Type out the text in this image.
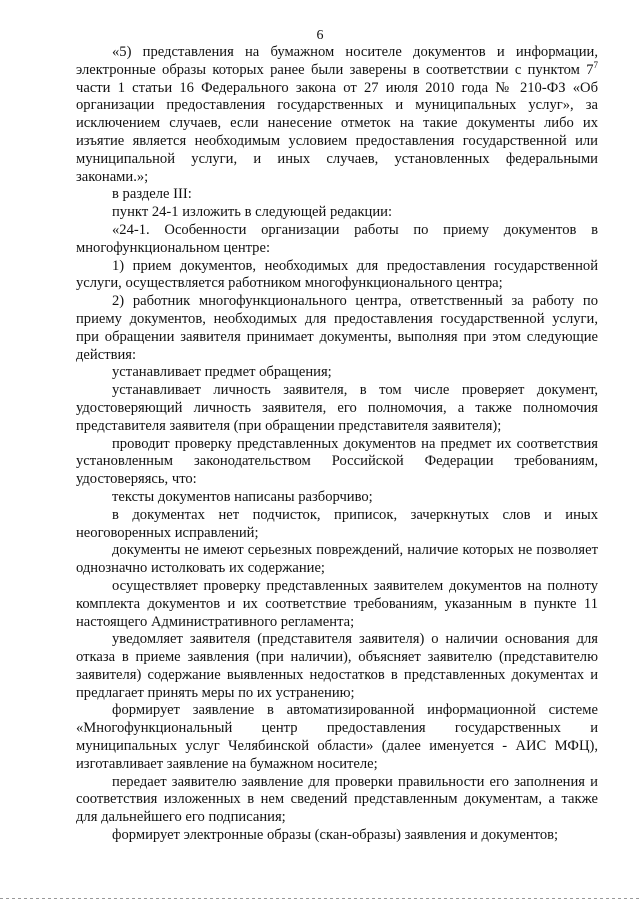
6

«5) представления на бумажном носителе документов и информации, электронные образы которых ранее были заверены в соответствии с пунктом $7^7$ части 1 статьи 16 Федерального закона от 27 июля 2010 года № 210-ФЗ «Об организации предоставления государственных и муниципальных услуг», за исключением случаев, если нанесение отметок на такие документы либо их изъятие является необходимым условием предоставления государственной или муниципальной услуги, и иных случаев, установленных федеральными законами.»;

в разделе III:

пункт 24-1 изложить в следующей редакции:

«24-1. Особенности организации работы по приему документов в многофункциональном центре:

1) прием документов, необходимых для предоставления государственной услуги, осуществляется работником многофункционального центра;

2) работник многофункционального центра, ответственный за работу по приему документов, необходимых для предоставления государственной услуги, при обращении заявителя принимает документы, выполняя при этом следующие действия:

устанавливает предмет обращения;

устанавливает личность заявителя, в том числе проверяет документ, удостоверяющий личность заявителя, его полномочия, а также полномочия представителя заявителя (при обращении представителя заявителя);

проводит проверку представленных документов на предмет их соответствия установленным законодательством Российской Федерации требованиям, удостоверяясь, что:

тексты документов написаны разборчиво;

в документах нет подчисток, приписок, зачеркнутых слов и иных неоговоренных исправлений;

документы не имеют серьезных повреждений, наличие которых не позволяет однозначно истолковать их содержание;

осуществляет проверку представленных заявителем документов на полноту комплекта документов и их соответствие требованиям, указанным в пункте 11 настоящего Административного регламента;

уведомляет заявителя (представителя заявителя) о наличии основания для отказа в приеме заявления (при наличии), объясняет заявителю (представителю заявителя) содержание выявленных недостатков в представленных документах и предлагает принять меры по их устранению;

формирует заявление в автоматизированной информационной системе «Многофункциональный центр предоставления государственных и муниципальных услуг Челябинской области» (далее именуется - АИС МФЦ), изготавливает заявление на бумажном носителе;

передает заявителю заявление для проверки правильности его заполнения и соответствия изложенных в нем сведений представленным документам, а также для дальнейшего его подписания;

формирует электронные образы (скан-образы) заявления и документов;
